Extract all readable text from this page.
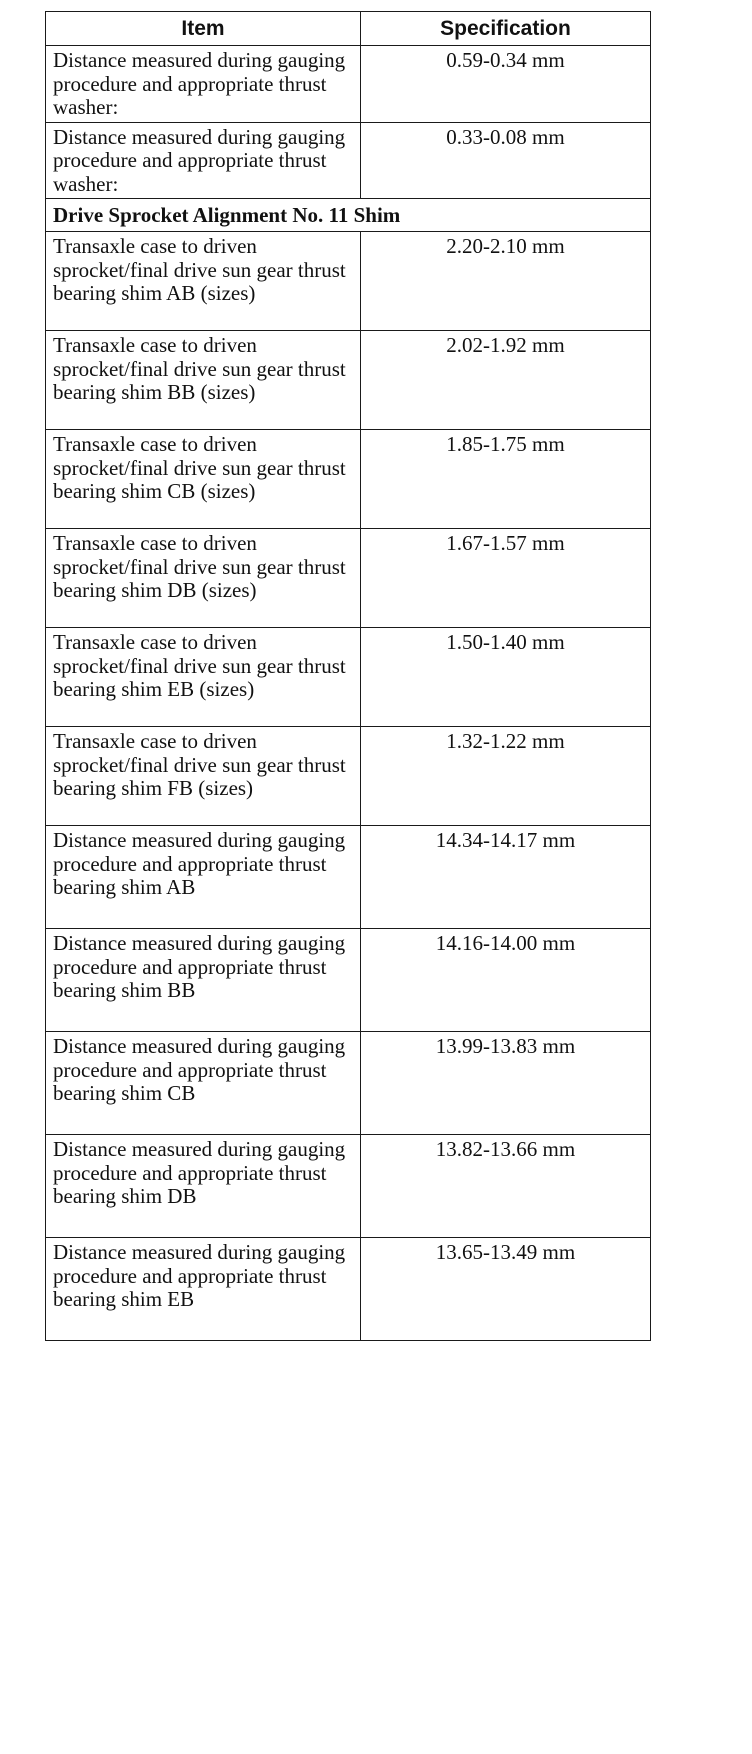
Item	Specification
Distance measured during gauging procedure and appropriate thrust washer:	0.59-0.34 mm
Distance measured during gauging procedure and appropriate thrust washer:	0.33-0.08 mm
Drive Sprocket Alignment No. 11 Shim	
Transaxle case to driven sprocket/final drive sun gear thrust bearing shim AB (sizes)	2.20-2.10 mm
Transaxle case to driven sprocket/final drive sun gear thrust bearing shim BB (sizes)	2.02-1.92 mm
Transaxle case to driven sprocket/final drive sun gear thrust bearing shim CB (sizes)	1.85-1.75 mm
Transaxle case to driven sprocket/final drive sun gear thrust bearing shim DB (sizes)	1.67-1.57 mm
Transaxle case to driven sprocket/final drive sun gear thrust bearing shim EB (sizes)	1.50-1.40 mm
Transaxle case to driven sprocket/final drive sun gear thrust bearing shim FB (sizes)	1.32-1.22 mm
Distance measured during gauging procedure and appropriate thrust bearing shim AB	14.34-14.17 mm
Distance measured during gauging procedure and appropriate thrust bearing shim BB	14.16-14.00 mm
Distance measured during gauging procedure and appropriate thrust bearing shim CB	13.99-13.83 mm
Distance measured during gauging procedure and appropriate thrust bearing shim DB	13.82-13.66 mm
Distance measured during gauging procedure and appropriate thrust bearing shim EB	13.65-13.49 mm
